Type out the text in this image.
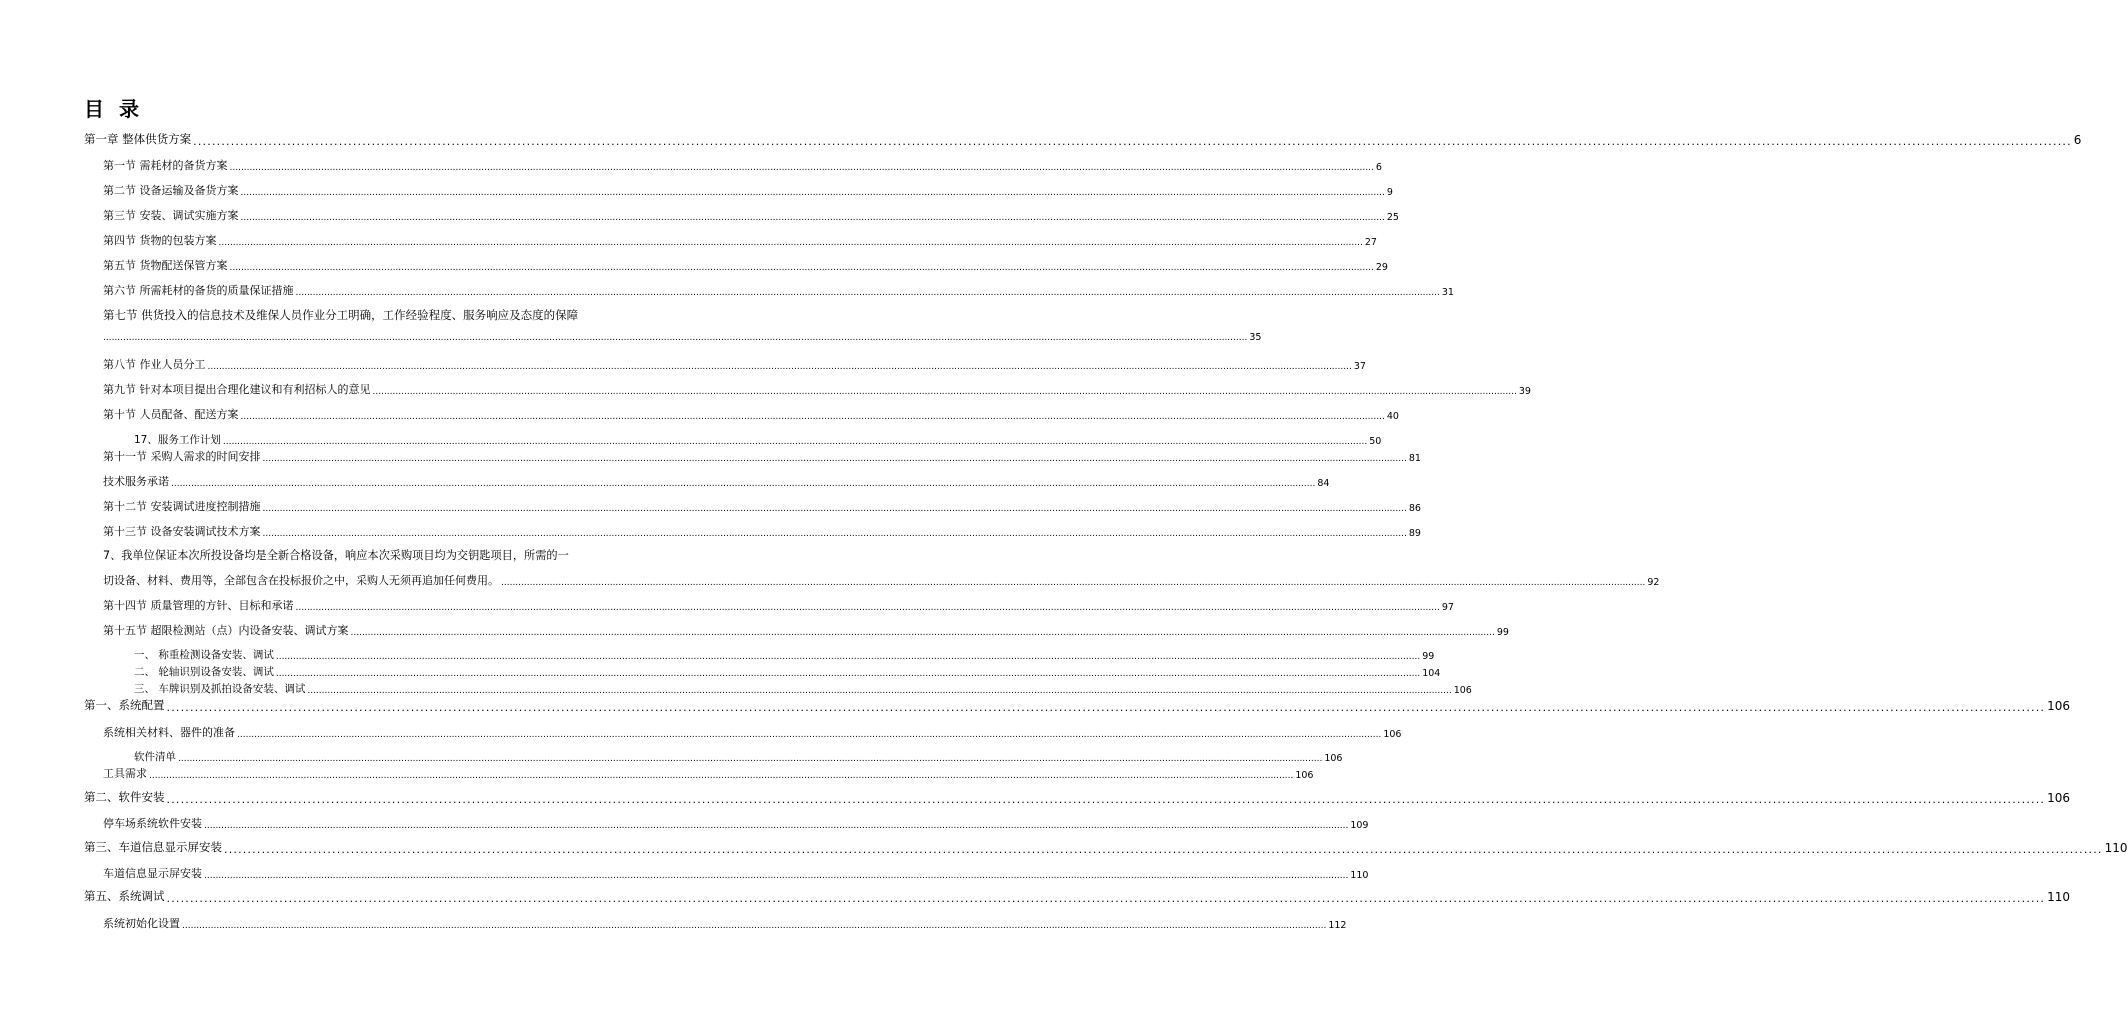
目 录
第一章 整体供货方案 ................................................................................................................................................................................................................................................................................................................................................................................................................ 6
第一节 需耗材的备货方案 ................................................................................................................................................................................................................................................................................................................................................................................................................ 6
第二节 设备运输及备货方案 ................................................................................................................................................................................................................................................................................................................................................................................................................ 9
第三节 安装、调试实施方案 ................................................................................................................................................................................................................................................................................................................................................................................................................ 25
第四节 货物的包装方案 ................................................................................................................................................................................................................................................................................................................................................................................................................ 27
第五节 货物配送保管方案 ................................................................................................................................................................................................................................................................................................................................................................................................................ 29
第六节 所需耗材的备货的质量保证措施 ................................................................................................................................................................................................................................................................................................................................................................................................................ 31
第七节 供货投入的信息技术及维保人员作业分工明确，工作经验程度、服务响应及态度的保障
................................................................................................................................................................................................................................................................................................................................................................................................................ 35
第八节 作业人员分工 ................................................................................................................................................................................................................................................................................................................................................................................................................ 37
第九节 针对本项目提出合理化建议和有利招标人的意见 ................................................................................................................................................................................................................................................................................................................................................................................................................ 39
第十节 人员配备、配送方案 ................................................................................................................................................................................................................................................................................................................................................................................................................ 40
17、服务工作计划 ................................................................................................................................................................................................................................................................................................................................................................................................................ 50
第十一节 采购人需求的时间安排 ................................................................................................................................................................................................................................................................................................................................................................................................................ 81
技术服务承诺 ................................................................................................................................................................................................................................................................................................................................................................................................................ 84
第十二节 安装调试进度控制措施 ................................................................................................................................................................................................................................................................................................................................................................................................................ 86
第十三节 设备安装调试技术方案 ................................................................................................................................................................................................................................................................................................................................................................................................................ 89
7、我单位保证本次所投设备均是全新合格设备，响应本次采购项目均为交钥匙项目，所需的一
切设备、材料、费用等，全部包含在投标报价之中，采购人无须再追加任何费用。 ................................................................................................................................................................................................................................................................................................................................................................................................................ 92
第十四节 质量管理的方针、目标和承诺 ................................................................................................................................................................................................................................................................................................................................................................................................................ 97
第十五节 超限检测站（点）内设备安装、调试方案 ................................................................................................................................................................................................................................................................................................................................................................................................................ 99
一、 称重检测设备安装、调试 ................................................................................................................................................................................................................................................................................................................................................................................................................ 99
二、 轮轴识别设备安装、调试 ................................................................................................................................................................................................................................................................................................................................................................................................................ 104
三、 车牌识别及抓拍设备安装、调试 ................................................................................................................................................................................................................................................................................................................................................................................................................ 106
第一、系统配置 ................................................................................................................................................................................................................................................................................................................................................................................................................ 106
系统相关材料、器件的准备 ................................................................................................................................................................................................................................................................................................................................................................................................................ 106
软件清单 ................................................................................................................................................................................................................................................................................................................................................................................................................ 106
工具需求 ................................................................................................................................................................................................................................................................................................................................................................................................................ 106
第二、软件安装 ................................................................................................................................................................................................................................................................................................................................................................................................................ 106
停车场系统软件安装 ................................................................................................................................................................................................................................................................................................................................................................................................................ 109
第三、车道信息显示屏安装 ................................................................................................................................................................................................................................................................................................................................................................................................................ 110
车道信息显示屏安装 ................................................................................................................................................................................................................................................................................................................................................................................................................ 110
第五、系统调试 ................................................................................................................................................................................................................................................................................................................................................................................................................ 110
系统初始化设置 ................................................................................................................................................................................................................................................................................................................................................................................................................ 112
